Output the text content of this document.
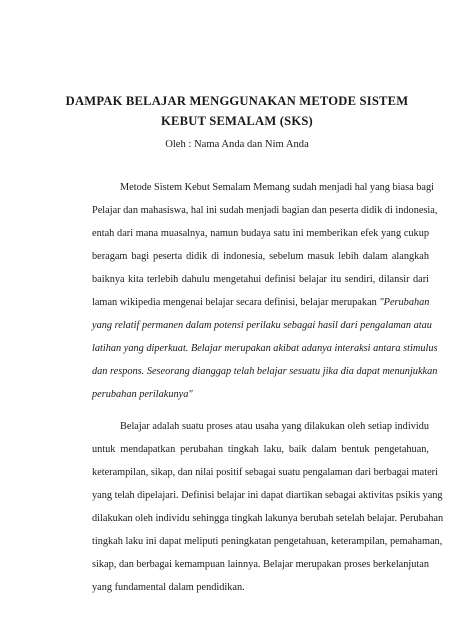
DAMPAK BELAJAR MENGGUNAKAN METODE SISTEM
KEBUT SEMALAM (SKS)

Oleh : Nama Anda dan Nim Anda

Metode Sistem Kebut Semalam Memang sudah menjadi hal yang biasa bagi
Pelajar dan mahasiswa, hal ini sudah menjadi bagian dan peserta didik di indonesia,
entah dari mana muasalnya, namun budaya satu ini memberikan efek yang cukup
beragam bagi peserta didik di indonesia, sebelum masuk lebih dalam alangkah
baiknya kita terlebih dahulu mengetahui definisi belajar itu sendiri, dilansir dari
laman wikipedia mengenai belajar secara definisi, belajar merupakan "Perubahan
yang relatif permanen dalam potensi perilaku sebagai hasil dari pengalaman atau
latihan yang diperkuat. Belajar merupakan akibat adanya interaksi antara stimulus
dan respons. Seseorang dianggap telah belajar sesuatu jika dia dapat menunjukkan
perubahan perilakunya"
Belajar adalah suatu proses atau usaha yang dilakukan oleh setiap individu
untuk mendapatkan perubahan tingkah laku, baik dalam bentuk pengetahuan,
keterampilan, sikap, dan nilai positif sebagai suatu pengalaman dari berbagai materi
yang telah dipelajari. Definisi belajar ini dapat diartikan sebagai aktivitas psikis yang
dilakukan oleh individu sehingga tingkah lakunya berubah setelah belajar. Perubahan
tingkah laku ini dapat meliputi peningkatan pengetahuan, keterampilan, pemahaman,
sikap, dan berbagai kemampuan lainnya. Belajar merupakan proses berkelanjutan
yang fundamental dalam pendidikan.
